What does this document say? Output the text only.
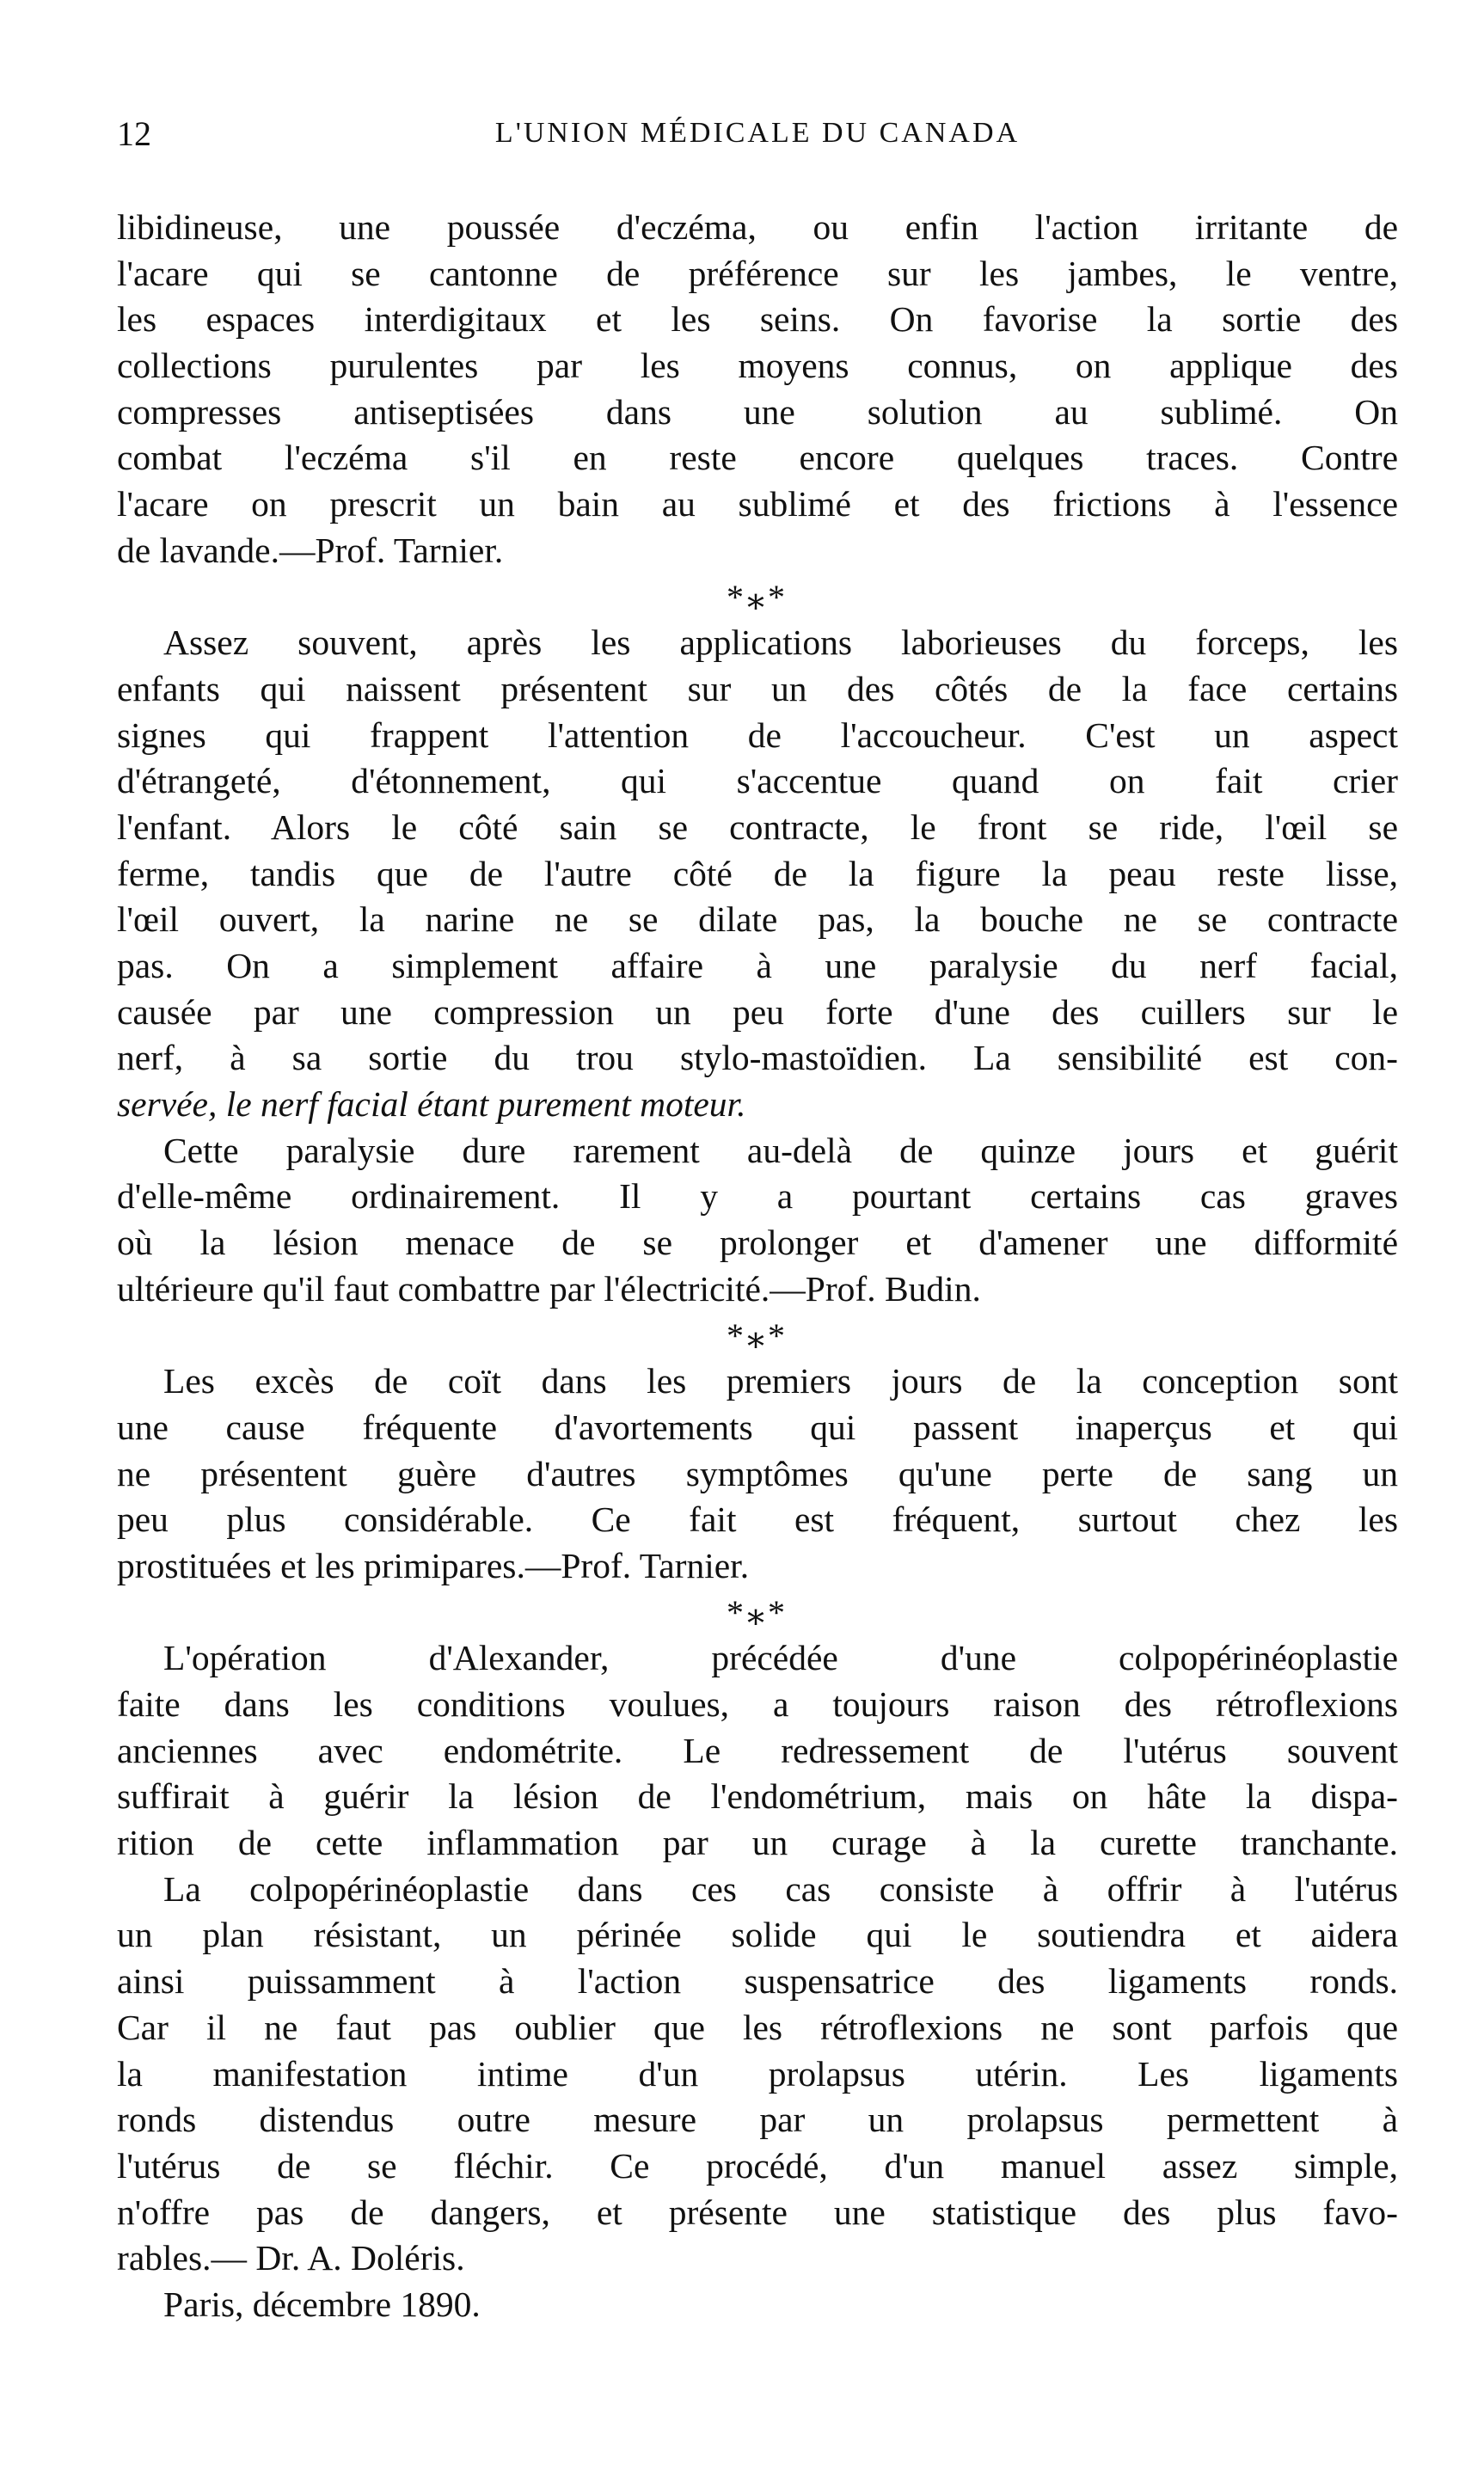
12	L'UNION MÉDICALE DU CANADA
libidineuse, une poussée d'eczéma, ou enfin l'action irritante de
l'acare qui se cantonne de préférence sur les jambes, le ventre,
les espaces interdigitaux et les seins. On favorise la sortie des
collections purulentes par les moyens connus, on applique des
compresses antiseptisées dans une solution au sublimé. On
combat l'eczéma s'il en reste encore quelques traces. Contre
l'acare on prescrit un bain au sublimé et des frictions à l'essence
de lavande.—Prof. Tarnier.
*⁎*
Assez souvent, après les applications laborieuses du forceps, les
enfants qui naissent présentent sur un des côtés de la face certains
signes qui frappent l'attention de l'accoucheur. C'est un aspect
d'étrangeté, d'étonnement, qui s'accentue quand on fait crier
l'enfant. Alors le côté sain se contracte, le front se ride, l'œil se
ferme, tandis que de l'autre côté de la figure la peau reste lisse,
l'œil ouvert, la narine ne se dilate pas, la bouche ne se contracte
pas. On a simplement affaire à une paralysie du nerf facial,
causée par une compression un peu forte d'une des cuillers sur le
nerf, à sa sortie du trou stylo-mastoïdien. La sensibilité est con-
servée, le nerf facial étant purement moteur.
Cette paralysie dure rarement au-delà de quinze jours et guérit
d'elle-même ordinairement. Il y a pourtant certains cas graves
où la lésion menace de se prolonger et d'amener une difformité
ultérieure qu'il faut combattre par l'électricité.—Prof. Budin.
*⁎*
Les excès de coït dans les premiers jours de la conception sont
une cause fréquente d'avortements qui passent inaperçus et qui
ne présentent guère d'autres symptômes qu'une perte de sang un
peu plus considérable. Ce fait est fréquent, surtout chez les
prostituées et les primipares.—Prof. Tarnier.
*⁎*
L'opération d'Alexander, précédée d'une colpopérinéoplastie
faite dans les conditions voulues, a toujours raison des rétroflexions
anciennes avec endométrite. Le redressement de l'utérus souvent
suffirait à guérir la lésion de l'endométrium, mais on hâte la dispa-
rition de cette inflammation par un curage à la curette tranchante.
La colpopérinéoplastie dans ces cas consiste à offrir à l'utérus
un plan résistant, un périnée solide qui le soutiendra et aidera
ainsi puissamment à l'action suspensatrice des ligaments ronds.
Car il ne faut pas oublier que les rétroflexions ne sont parfois que
la manifestation intime d'un prolapsus utérin. Les ligaments
ronds distendus outre mesure par un prolapsus permettent à
l'utérus de se fléchir. Ce procédé, d'un manuel assez simple,
n'offre pas de dangers, et présente une statistique des plus favo-
rables.— Dr. A. Doléris.
Paris, décembre 1890.
